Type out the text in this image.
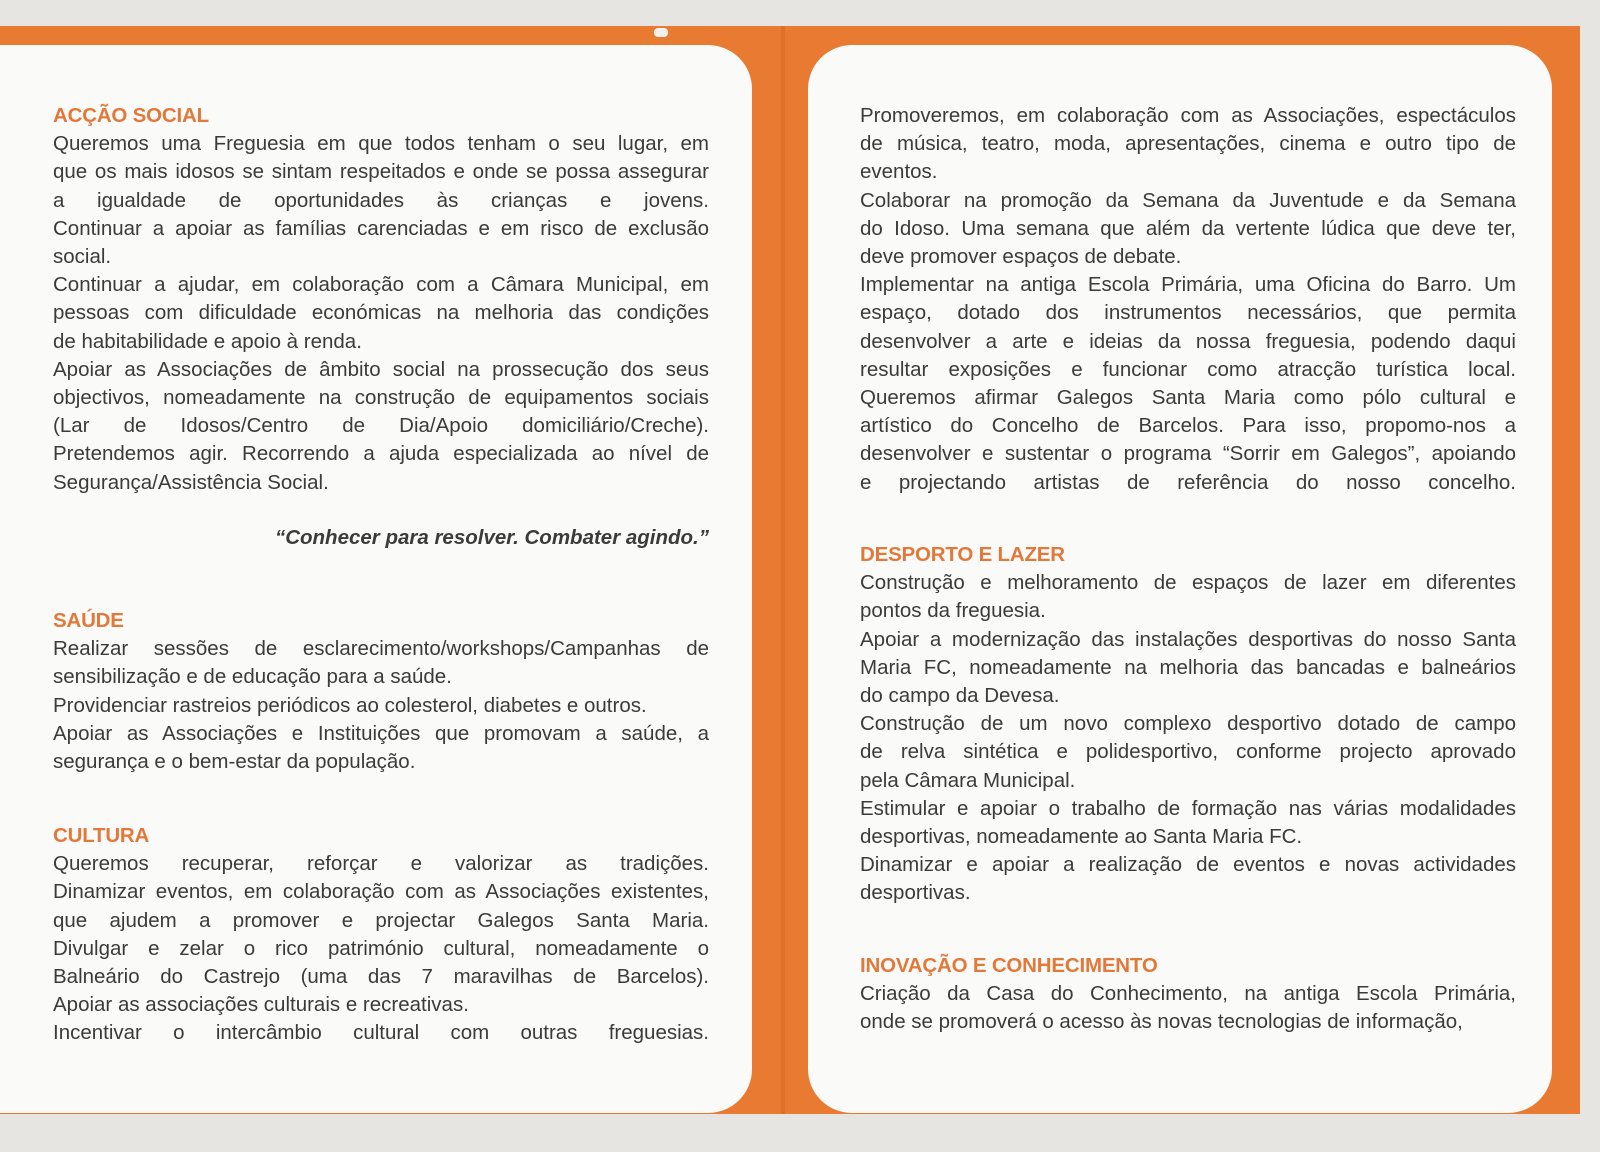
ACÇÃO SOCIAL
Queremos uma Freguesia em que todos tenham o seu lugar, em
que os mais idosos se sintam respeitados e onde se possa assegurar
a igualdade de oportunidades às crianças e jovens.
Continuar a apoiar as famílias carenciadas e em risco de exclusão
social.
Continuar a ajudar, em colaboração com a Câmara Municipal, em
pessoas com dificuldade económicas na melhoria das condições
de habitabilidade e apoio à renda.
Apoiar as Associações de âmbito social na prossecução dos seus
objectivos, nomeadamente na construção de equipamentos sociais
(Lar de Idosos/Centro de Dia/Apoio domiciliário/Creche).
Pretendemos agir. Recorrendo a ajuda especializada ao nível de
Segurança/Assistência Social.
“Conhecer para resolver. Combater agindo.”
SAÚDE
Realizar sessões de esclarecimento/workshops/Campanhas de
sensibilização e de educação para a saúde.
Providenciar rastreios periódicos ao colesterol, diabetes e outros.
Apoiar as Associações e Instituições que promovam a saúde, a
segurança e o bem-estar da população.
CULTURA
Queremos recuperar, reforçar e valorizar as tradições.
Dinamizar eventos, em colaboração com as Associações existentes,
que ajudem a promover e projectar Galegos Santa Maria.
Divulgar e zelar o rico património cultural, nomeadamente o
Balneário do Castrejo (uma das 7 maravilhas de Barcelos).
Apoiar as associações culturais e recreativas.
Incentivar o intercâmbio cultural com outras freguesias.
Promoveremos, em colaboração com as Associações, espectáculos
de música, teatro, moda, apresentações, cinema e outro tipo de
eventos.
Colaborar na promoção da Semana da Juventude e da Semana
do Idoso. Uma semana que além da vertente lúdica que deve ter,
deve promover espaços de debate.
Implementar na antiga Escola Primária, uma Oficina do Barro. Um
espaço, dotado dos instrumentos necessários, que permita
desenvolver a arte e ideias da nossa freguesia, podendo daqui
resultar exposições e funcionar como atracção turística local.
Queremos afirmar Galegos Santa Maria como pólo cultural e
artístico do Concelho de Barcelos. Para isso, propomo-nos a
desenvolver e sustentar o programa “Sorrir em Galegos”, apoiando
e projectando artistas de referência do nosso concelho.
DESPORTO E LAZER
Construção e melhoramento de espaços de lazer em diferentes
pontos da freguesia.
Apoiar a modernização das instalações desportivas do nosso Santa
Maria FC, nomeadamente na melhoria das bancadas e balneários
do campo da Devesa.
Construção de um novo complexo desportivo dotado de campo
de relva sintética e polidesportivo, conforme projecto aprovado
pela Câmara Municipal.
Estimular e apoiar o trabalho de formação nas várias modalidades
desportivas, nomeadamente ao Santa Maria FC.
Dinamizar e apoiar a realização de eventos e novas actividades
desportivas.
INOVAÇÃO E CONHECIMENTO
Criação da Casa do Conhecimento, na antiga Escola Primária,
onde se promoverá o acesso às novas tecnologias de informação,
